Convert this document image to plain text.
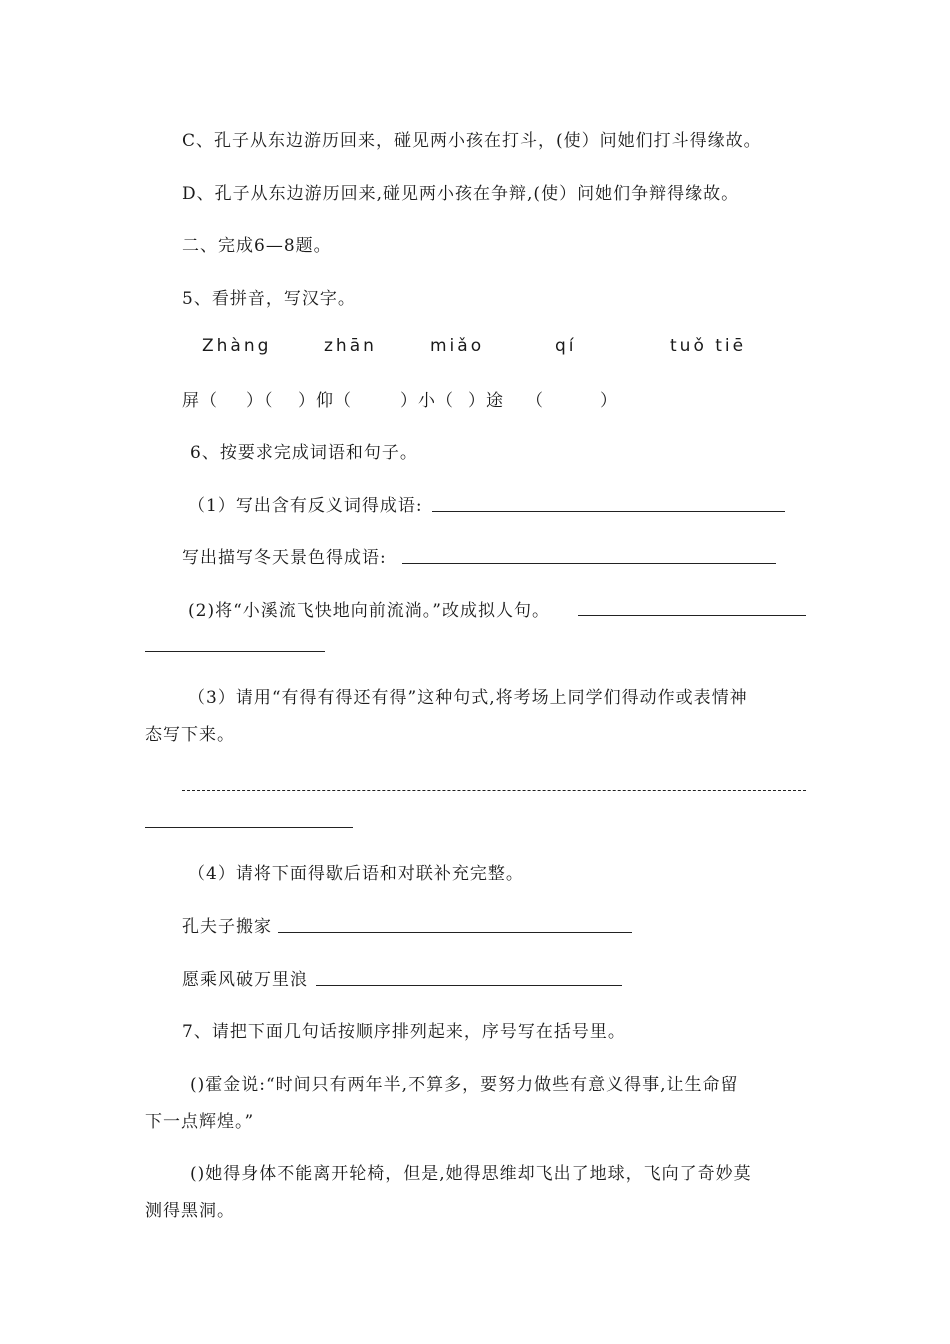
C、孔子从东边游历回来，碰见两小孩在打斗，(使）问她们打斗得缘故。
D、孔子从东边游历回来,碰见两小孩在争辩,(使）问她们争辩得缘故。
二、完成6—8题。
5、看拼音，写汉字。
Zhàng	zhān	miǎo	qí	tuǒ tiē
屏（ ）（ ）仰（	）小（ ）途 （	）
6、按要求完成词语和句子。
（1）写出含有反义词得成语:
写出描写冬天景色得成语:
(2)将“小溪流飞快地向前流淌。”改成拟人句。
（3）请用“有得有得还有得”这种句式,将考场上同学们得动作或表情神
态写下来。
（4）请将下面得歇后语和对联补充完整。
孔夫子搬家
愿乘风破万里浪
7、请把下面几句话按顺序排列起来，序号写在括号里。
()霍金说:“时间只有两年半,不算多，要努力做些有意义得事,让生命留
下一点辉煌。”
()她得身体不能离开轮椅，但是,她得思维却飞出了地球，飞向了奇妙莫
测得黑洞。
